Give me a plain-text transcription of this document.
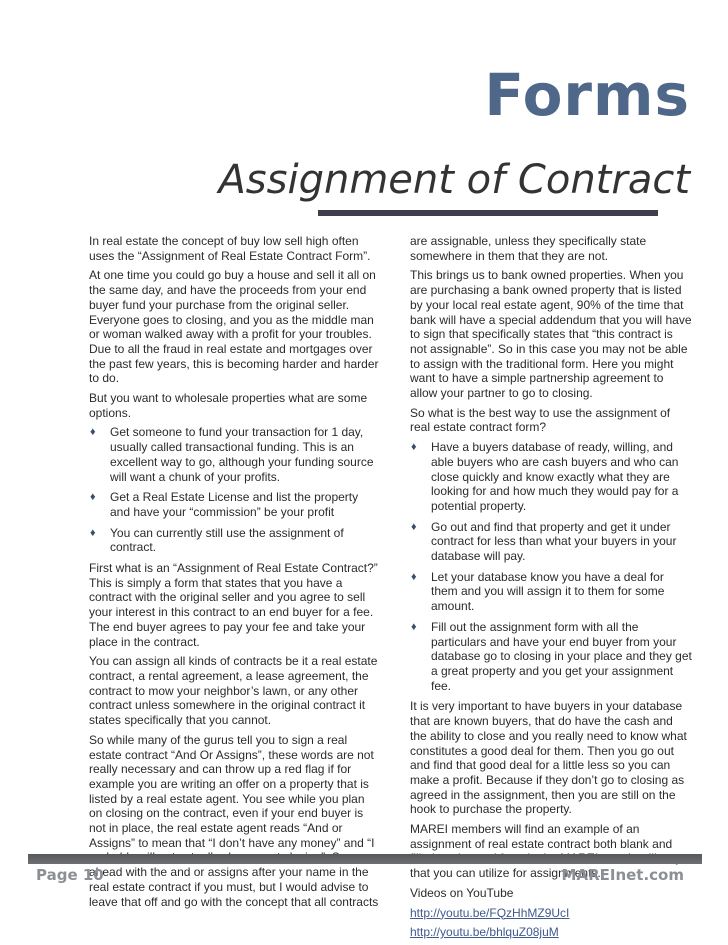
Forms
Assignment of Contract

In real estate the concept of buy low sell high often uses the “Assignment of Real Estate Contract Form”.

At one time you could go buy a house and sell it all on the same day, and have the proceeds from your end buyer fund your purchase from the original seller. Everyone goes to closing, and you as the middle man or woman walked away with a profit for your troubles. Due to all the fraud in real estate and mortgages over the past few years, this is becoming harder and harder to do.

But you want to wholesale properties what are some options.

♦ Get someone to fund your transaction for 1 day, usually called transactional funding. This is an excellent way to go, although your funding source will want a chunk of your profits.
♦ Get a Real Estate License and list the property and have your “commission” be your profit
♦ You can currently still use the assignment of contract.

First what is an “Assignment of Real Estate Contract?” This is simply a form that states that you have a contract with the original seller and you agree to sell your interest in this contract to an end buyer for a fee. The end buyer agrees to pay your fee and take your place in the contract.

You can assign all kinds of contracts be it a real estate contract, a rental agreement, a lease agreement, the contract to mow your neighbor’s lawn, or any other contract unless somewhere in the original contract it states specifically that you cannot.

So while many of the gurus tell you to sign a real estate contract “And Or Assigns”, these words are not really necessary and can throw up a red flag if for example you are writing an offer on a property that is listed by a real estate agent. You see while you plan on closing on the contract, even if your end buyer is not in place, the real estate agent reads “And or Assigns” to mean that “I don’t have any money” and “I ahead with the and or assigns after your name in the real estate contract if you must, but I would advise to leave that off and go with the concept that all contracts

are assignable, unless they specifically state somewhere in them that they are not.

This brings us to bank owned properties. When you are purchasing a bank owned property that is listed by your local real estate agent, 90% of the time that bank will have a special addendum that you will have to sign that specifically states that “this contract is not assignable”. So in this case you may not be able to assign with the traditional form. Here you might want to have a simple partnership agreement to allow your partner to go to closing.

So what is the best way to use the assignment of real estate contract form?

♦ Have a buyers database of ready, willing, and able buyers who are cash buyers and who can close quickly and know exactly what they are looking for and how much they would pay for a potential property.
♦ Go out and find that property and get it under contract for less than what your buyers in your database will pay.
♦ Let your database know you have a deal for them and you will assign it to them for some amount.
♦ Fill out the assignment form with all the particulars and have your end buyer from your database go to closing in your place and they get a great property and you get your assignment fee.

It is very important to have buyers in your database that are known buyers, that do have the cash and the ability to close and you really need to know what constitutes a good deal for them. Then you go out and find that good deal for a little less so you can make a profit. Because if they don’t go to closing as agreed in the assignment, then you are still on the hook to purchase the property.

MAREI members will find an example of an assignment of real estate contract both blank and that you can utilize for assignments.

Videos on YouTube

http://youtu.be/FQzHhMZ9UcI

http://youtu.be/bhlquZ08juM

Page 10	MAREInet.com
